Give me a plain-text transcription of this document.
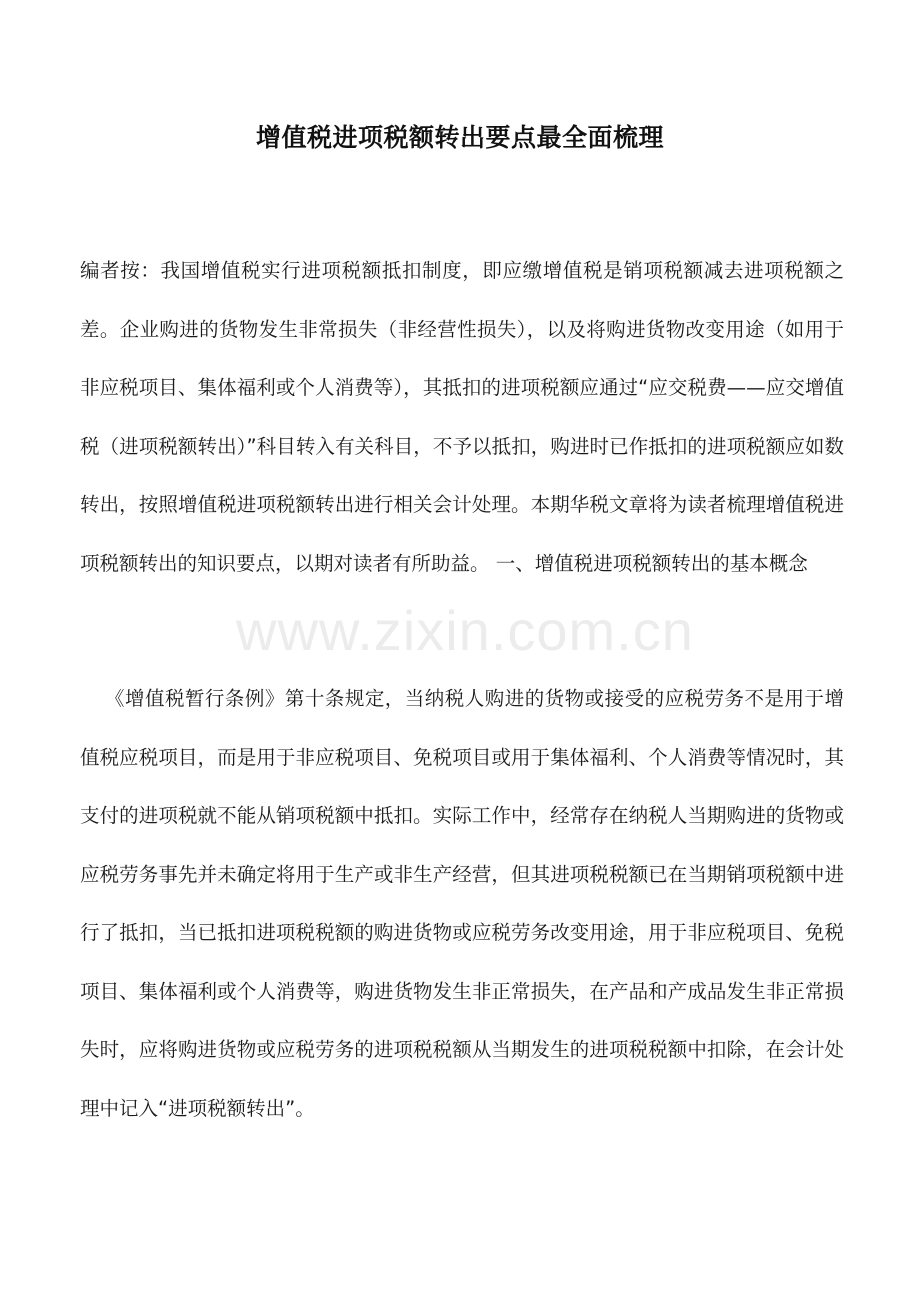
增值税进项税额转出要点最全面梳理

编者按：我国增值税实行进项税额抵扣制度，即应缴增值税是销项税额减去进项税额之差。企业购进的货物发生非常损失（非经营性损失），以及将购进货物改变用途（如用于非应税项目、集体福利或个人消费等），其抵扣的进项税额应通过“应交税费——应交增值税（进项税额转出）”科目转入有关科目，不予以抵扣，购进时已作抵扣的进项税额应如数转出，按照增值税进项税额转出进行相关会计处理。本期华税文章将为读者梳理增值税进项税额转出的知识要点，以期对读者有所助益。 一、增值税进项税额转出的基本概念

《增值税暂行条例》第十条规定，当纳税人购进的货物或接受的应税劳务不是用于增值税应税项目，而是用于非应税项目、免税项目或用于集体福利、个人消费等情况时，其支付的进项税就不能从销项税额中抵扣。实际工作中，经常存在纳税人当期购进的货物或应税劳务事先并未确定将用于生产或非生产经营，但其进项税税额已在当期销项税额中进行了抵扣，当已抵扣进项税税额的购进货物或应税劳务改变用途，用于非应税项目、免税项目、集体福利或个人消费等，购进货物发生非正常损失，在产品和产成品发生非正常损失时，应将购进货物或应税劳务的进项税税额从当期发生的进项税税额中扣除，在会计处理中记入“进项税额转出”。

www.zixin.com.cn
